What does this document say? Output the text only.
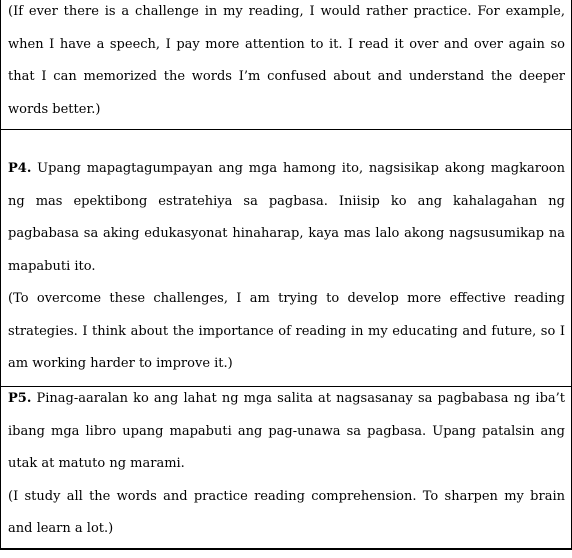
(If ever there is a challenge in my reading, I would rather practice. For example, when I have a speech, I pay more attention to it. I read it over and over again so that I can memorized the words I’m confused about and understand the deeper words better.)

P4. Upang mapagtagumpayan ang mga hamong ito, nagsisikap akong magkaroon ng mas epektibong estratehiya sa pagbasa. Iniisip ko ang kahalagahan ng pagbabasa sa aking edukasyonat hinaharap, kaya mas lalo akong nagsusumikap na mapabuti ito.

(To overcome these challenges, I am trying to develop more effective reading strategies. I think about the importance of reading in my educating and future, so I am working harder to improve it.)

P5. Pinag-aaralan ko ang lahat ng mga salita at nagsasanay sa pagbabasa ng iba’t ibang mga libro upang mapabuti ang pag-unawa sa pagbasa. Upang patalsin ang utak at matuto ng marami.

(I study all the words and practice reading comprehension. To sharpen my brain and learn a lot.)
